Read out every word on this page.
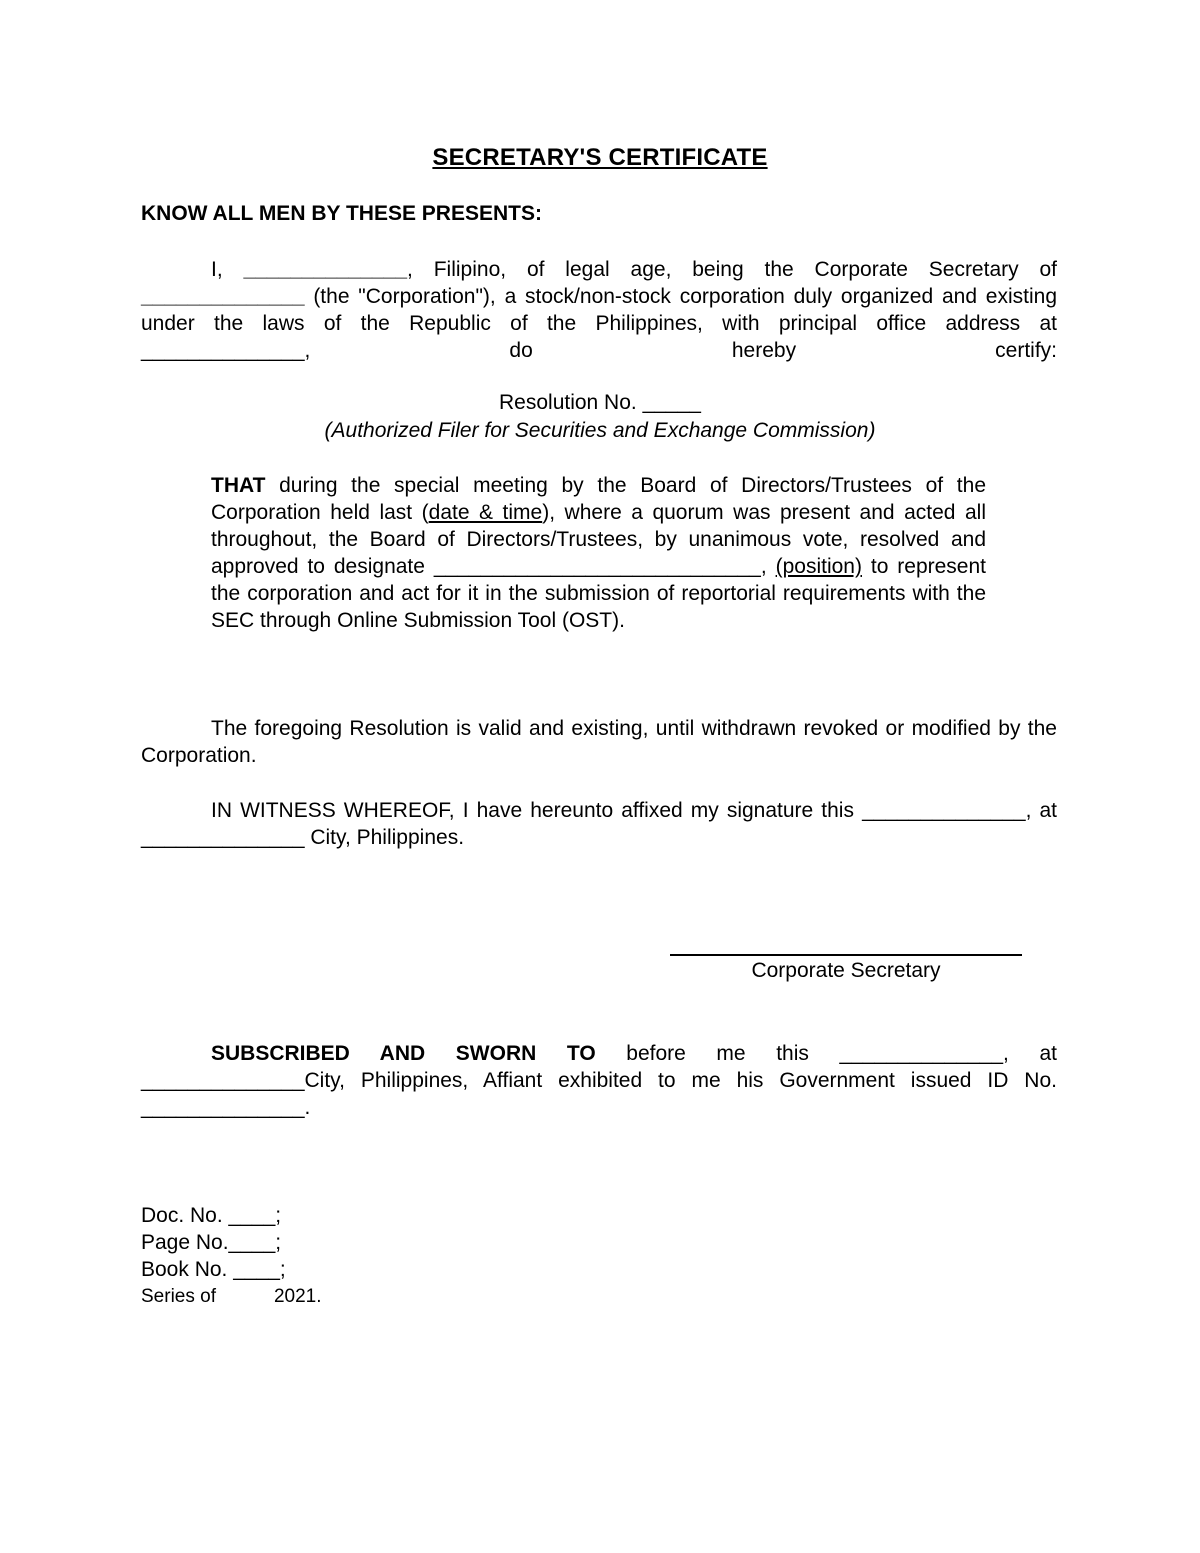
SECRETARY'S CERTIFICATE
KNOW ALL MEN BY THESE PRESENTS:
I, ______________, Filipino, of legal age, being the Corporate Secretary of ______________ (the "Corporation"), a stock/non-stock corporation duly organized and existing under the laws of the Republic of the Philippines, with principal office address at ______________, do hereby certify:
Resolution No. _____
(Authorized Filer for Securities and Exchange Commission)
THAT during the special meeting by the Board of Directors/Trustees of the Corporation held last (date & time), where a quorum was present and acted all throughout, the Board of Directors/Trustees, by unanimous vote, resolved and approved to designate ____________________________, (position) to represent the corporation and act for it in the submission of reportorial requirements with the SEC through Online Submission Tool (OST).
The foregoing Resolution is valid and existing, until withdrawn revoked or modified by the Corporation.
IN WITNESS WHEREOF, I have hereunto affixed my signature this ______________, at ______________ City, Philippines.
Corporate Secretary
SUBSCRIBED AND SWORN TO before me this ______________, at ______________City, Philippines, Affiant exhibited to me his Government issued ID No. ______________.
Doc. No. ____;
Page No.____;
Book No. ____;
Series of	2021.
